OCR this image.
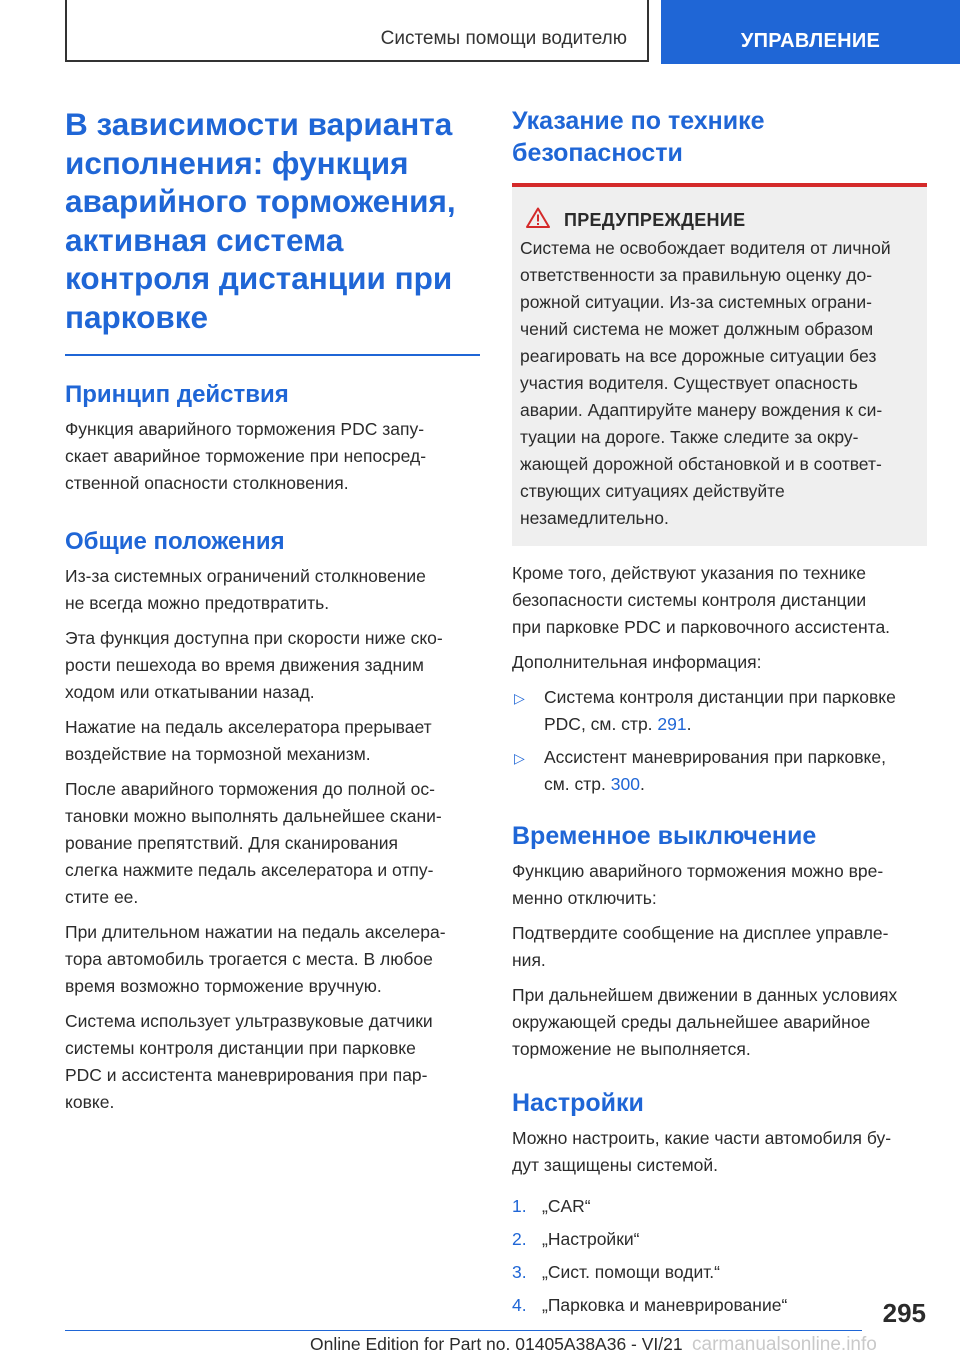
Системы помощи водителю	УПРАВЛЕНИЕ
В зависимости варианта
исполнения: функция
аварийного торможения,
активная система
контроля дистанции при
парковке
Принцип действия

Функция аварийного торможения PDC запу‐
скает аварийное торможение при непосред‐
ственной опасности столкновения.

Общие положения

Из-за системных ограничений столкновение
не всегда можно предотвратить.

Эта функция доступна при скорости ниже ско‐
рости пешехода во время движения задним
ходом или откатывании назад.

Нажатие на педаль акселератора прерывает
воздействие на тормозной механизм.

После аварийного торможения до полной ос‐
тановки можно выполнять дальнейшее скани‐
рование препятствий. Для сканирования
слегка нажмите педаль акселератора и отпу‐
стите ее.

При длительном нажатии на педаль акселера‐
тора автомобиль трогается с места. В любое
время возможно торможение вручную.

Система использует ультразвуковые датчики
системы контроля дистанции при парковке
PDC и ассистента маневрирования при пар‐
ковке.

Указание по технике
безопасности
ПРЕДУПРЕЖДЕНИЕ

Система не освобождает водителя от личной
ответственности за правильную оценку до‐
рожной ситуации. Из-за системных ограни‐
чений система не может должным образом
реагировать на все дорожные ситуации без
участия водителя. Существует опасность
аварии. Адаптируйте манеру вождения к си‐
туации на дороге. Также следите за окру‐
жающей дорожной обстановкой и в соответ‐
ствующих ситуациях действуйте
незамедлительно.

Кроме того, действуют указания по технике
безопасности системы контроля дистанции
при парковке PDC и парковочного ассистента.

Дополнительная информация:

▷	Система контроля дистанции при парковке
PDC, см. стр. 291.
▷	Ассистент маневрирования при парковке,
см. стр. 300.
Временное выключение

Функцию аварийного торможения можно вре‐
менно отключить:

Подтвердите сообщение на дисплее управле‐
ния.

При дальнейшем движении в данных условиях
окружающей среды дальнейшее аварийное
торможение не выполняется.

Настройки

Можно настроить, какие части автомобиля бу‐
дут защищены системой.

1. „CAR“
2. „Настройки“
3. „Сист. помощи водит.“
4. „Парковка и маневрирование“	295
Online Edition for Part no. 01405A38A36 - VI/21 carmanualsonline.info
